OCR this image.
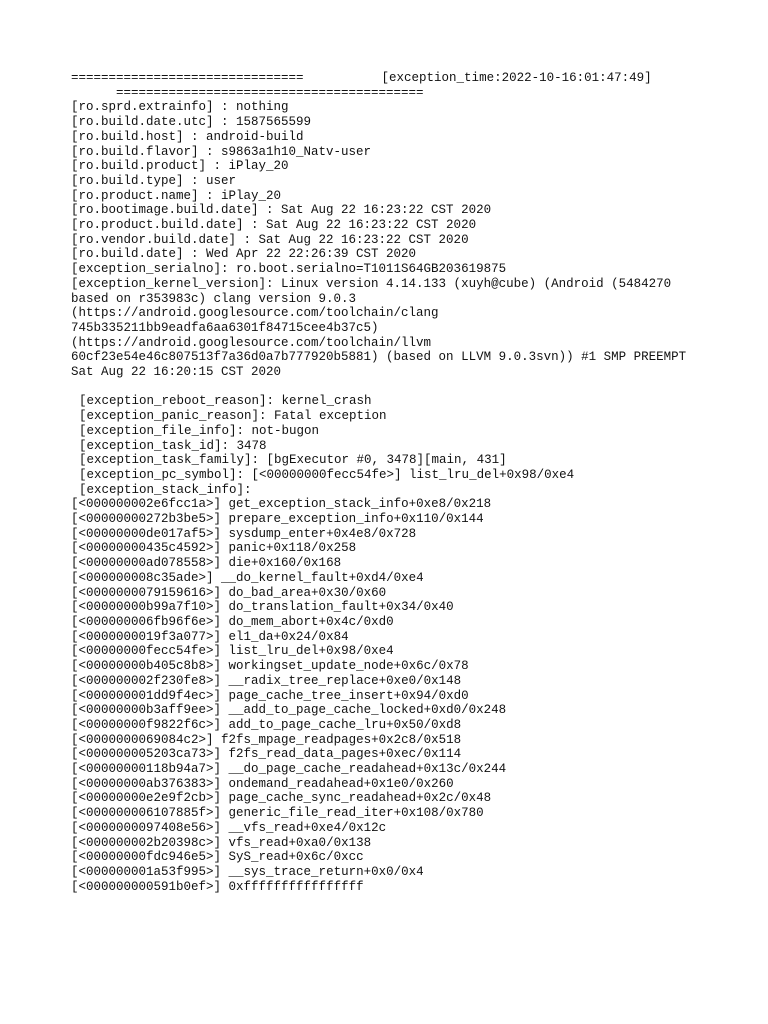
===============================	[exception_time:2022-10-16:01:47:49]
=========================================
[ro.sprd.extrainfo] : nothing
[ro.build.date.utc] : 1587565599
[ro.build.host] : android-build
[ro.build.flavor] : s9863a1h10_Natv-user
[ro.build.product] : iPlay_20
[ro.build.type] : user
[ro.product.name] : iPlay_20
[ro.bootimage.build.date] : Sat Aug 22 16:23:22 CST 2020
[ro.product.build.date] : Sat Aug 22 16:23:22 CST 2020
[ro.vendor.build.date] : Sat Aug 22 16:23:22 CST 2020
[ro.build.date] : Wed Apr 22 22:26:39 CST 2020
[exception_serialno]: ro.boot.serialno=T1011S64GB203619875
[exception_kernel_version]: Linux version 4.14.133 (xuyh@cube) (Android (5484270
based on r353983c) clang version 9.0.3
(https://android.googlesource.com/toolchain/clang
745b335211bb9eadfa6aa6301f84715cee4b37c5)
(https://android.googlesource.com/toolchain/llvm
60cf23e54e46c807513f7a36d0a7b777920b5881) (based on LLVM 9.0.3svn)) #1 SMP PREEMPT
Sat Aug 22 16:20:15 CST 2020
[exception_reboot_reason]: kernel_crash
[exception_panic_reason]: Fatal exception
[exception_file_info]: not-bugon
[exception_task_id]: 3478
[exception_task_family]: [bgExecutor #0, 3478][main, 431]
[exception_pc_symbol]: [<00000000fecc54fe>] list_lru_del+0x98/0xe4
[exception_stack_info]:
[<000000002e6fcc1a>] get_exception_stack_info+0xe8/0x218
[<00000000272b3be5>] prepare_exception_info+0x110/0x144
[<00000000de017af5>] sysdump_enter+0x4e8/0x728
[<00000000435c4592>] panic+0x118/0x258
[<00000000ad078558>] die+0x160/0x168
[<000000008c35ade>] __do_kernel_fault+0xd4/0xe4
[<0000000079159616>] do_bad_area+0x30/0x60
[<00000000b99a7f10>] do_translation_fault+0x34/0x40
[<000000006fb96f6e>] do_mem_abort+0x4c/0xd0
[<0000000019f3a077>] el1_da+0x24/0x84
[<00000000fecc54fe>] list_lru_del+0x98/0xe4
[<00000000b405c8b8>] workingset_update_node+0x6c/0x78
[<000000002f230fe8>] __radix_tree_replace+0xe0/0x148
[<000000001dd9f4ec>] page_cache_tree_insert+0x94/0xd0
[<00000000b3aff9ee>] __add_to_page_cache_locked+0xd0/0x248
[<00000000f9822f6c>] add_to_page_cache_lru+0x50/0xd8
[<0000000069084c2>] f2fs_mpage_readpages+0x2c8/0x518
[<000000005203ca73>] f2fs_read_data_pages+0xec/0x114
[<00000000118b94a7>] __do_page_cache_readahead+0x13c/0x244
[<00000000ab376383>] ondemand_readahead+0x1e0/0x260
[<00000000e2e9f2cb>] page_cache_sync_readahead+0x2c/0x48
[<000000006107885f>] generic_file_read_iter+0x108/0x780
[<0000000097408e56>] __vfs_read+0xe4/0x12c
[<000000002b20398c>] vfs_read+0xa0/0x138
[<00000000fdc946e5>] SyS_read+0x6c/0xcc
[<000000001a53f995>] __sys_trace_return+0x0/0x4
[<000000000591b0ef>] 0xffffffffffffffff
